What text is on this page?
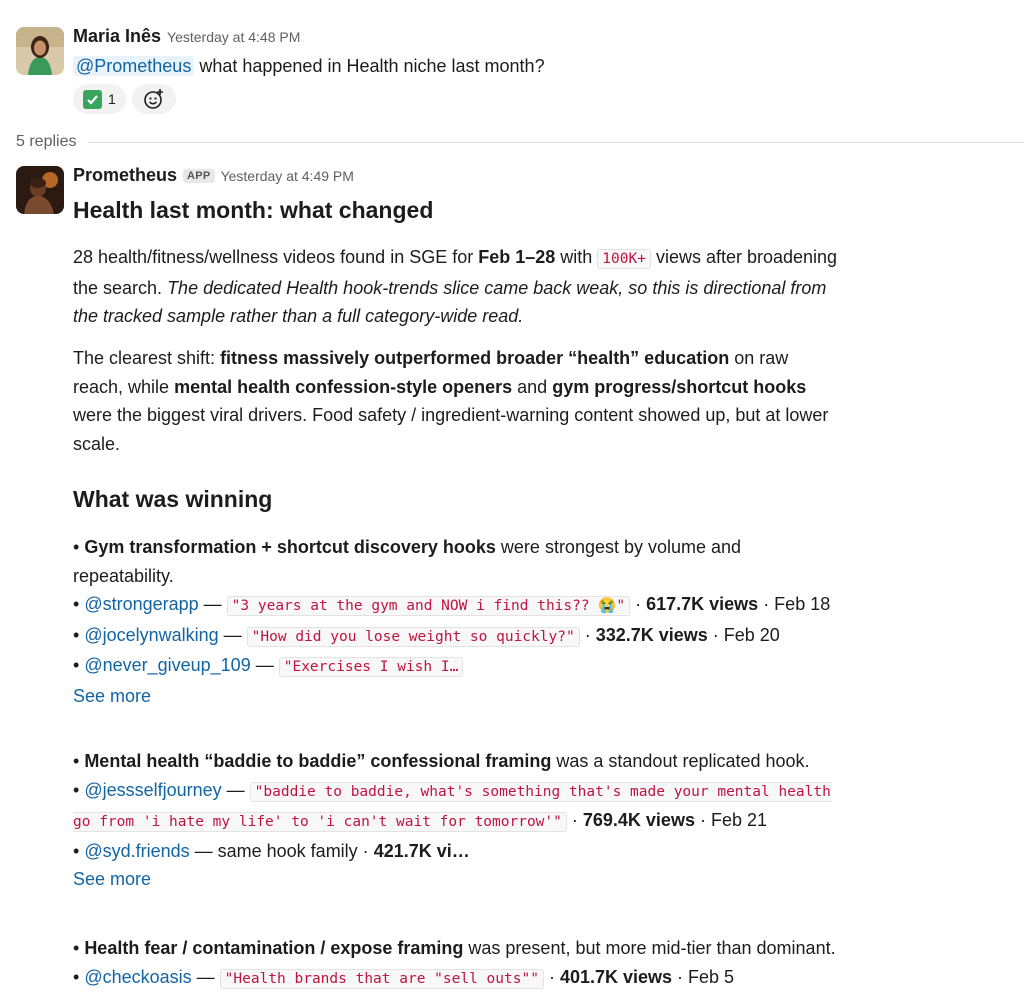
Maria Inês Yesterday at 4:48 PM
@Prometheus what happened in Health niche last month?
1
5 replies
Prometheus APP Yesterday at 4:49 PM
Health last month: what changed

28 health/fitness/wellness videos found in SGE for Feb 1–28 with 100K+ views after broadening the search. The dedicated Health hook-trends slice came back weak, so this is directional from the tracked sample rather than a full category-wide read.

The clearest shift: fitness massively outperformed broader “health” education on raw reach, while mental health confession-style openers and gym progress/shortcut hooks were the biggest viral drivers. Food safety / ingredient-warning content showed up, but at lower scale.

What was winning

• Gym transformation + shortcut discovery hooks were strongest by volume and repeatability.

• @strongerapp — "3 years at the gym and NOW i find this?? 😭" · 617.7K views · Feb 18

• @jocelynwalking — "How did you lose weight so quickly?" · 332.7K views · Feb 20

• @never_giveup_109 — "Exercises I wish I…

See more

• Mental health “baddie to baddie” confessional framing was a standout replicated hook.

• @jessselfjourney — "baddie to baddie, what's something that's made your mental health go from 'i hate my life' to 'i can't wait for tomorrow'" · 769.4K views · Feb 21

• @syd.friends — same hook family · 421.7K vi…

See more

• Health fear / contamination / expose framing was present, but more mid-tier than dominant.

• @checkoasis — "Health brands that are "sell outs"" · 401.7K views · Feb 5
